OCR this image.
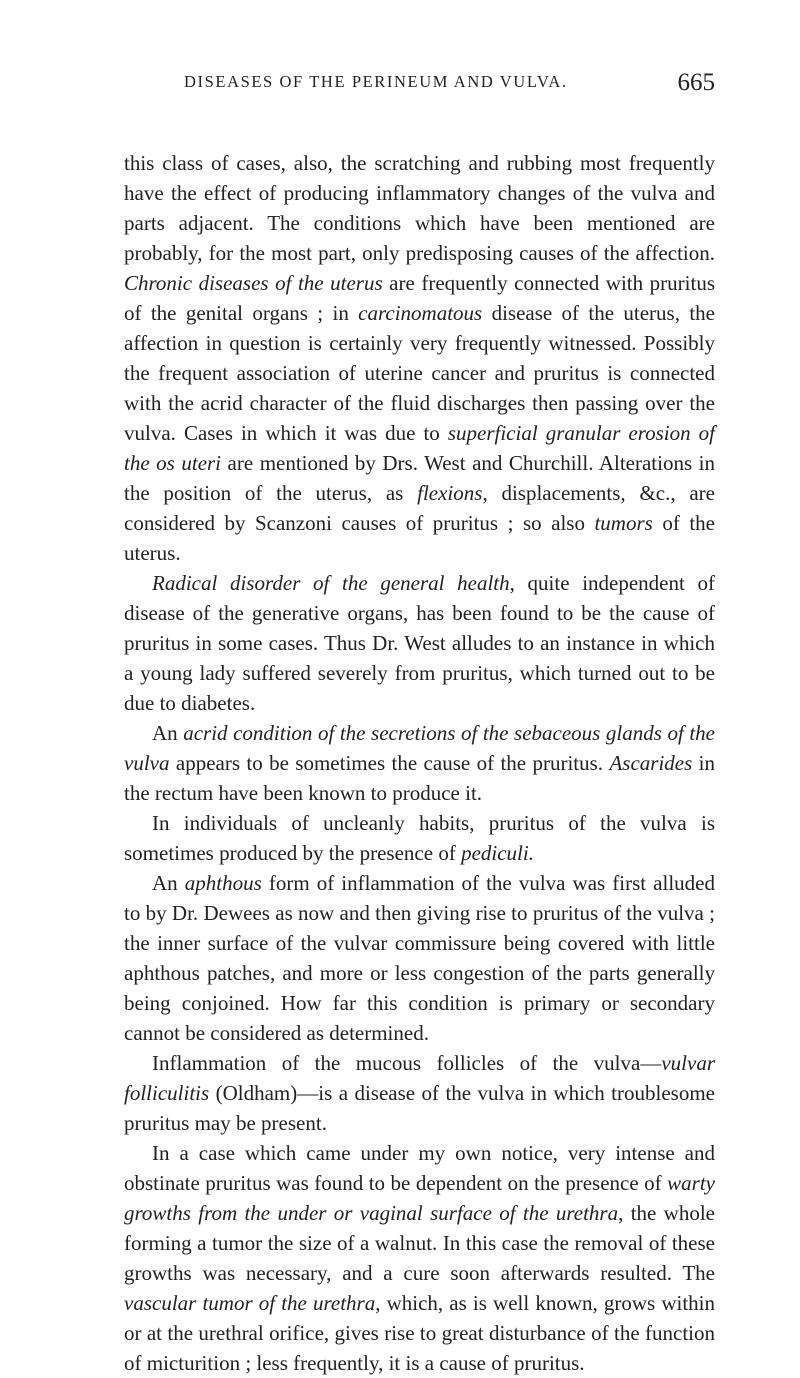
DISEASES OF THE PERINEUM AND VULVA.	665

this class of cases, also, the scratching and rubbing most frequently have the effect of producing inflammatory changes of the vulva and parts adjacent. The conditions which have been mentioned are probably, for the most part, only predisposing causes of the affection. Chronic diseases of the uterus are frequently connected with pruritus of the genital organs ; in carcinomatous disease of the uterus, the affection in question is certainly very frequently witnessed. Possibly the frequent association of uterine cancer and pruritus is connected with the acrid character of the fluid discharges then passing over the vulva. Cases in which it was due to superficial granular erosion of the os uteri are mentioned by Drs. West and Churchill. Alterations in the position of the uterus, as flexions, displacements, &c., are considered by Scanzoni causes of pruritus ; so also tumors of the uterus.

Radical disorder of the general health, quite independent of disease of the generative organs, has been found to be the cause of pruritus in some cases. Thus Dr. West alludes to an instance in which a young lady suffered severely from pruritus, which turned out to be due to diabetes.

An acrid condition of the secretions of the sebaceous glands of the vulva appears to be sometimes the cause of the pruritus. Ascarides in the rectum have been known to produce it.

In individuals of uncleanly habits, pruritus of the vulva is sometimes produced by the presence of pediculi.

An aphthous form of inflammation of the vulva was first alluded to by Dr. Dewees as now and then giving rise to pruritus of the vulva ; the inner surface of the vulvar commissure being covered with little aphthous patches, and more or less congestion of the parts generally being conjoined. How far this condition is primary or secondary cannot be considered as determined.

Inflammation of the mucous follicles of the vulva—vulvar folliculitis (Oldham)—is a disease of the vulva in which troublesome pruritus may be present.

In a case which came under my own notice, very intense and obstinate pruritus was found to be dependent on the presence of warty growths from the under or vaginal surface of the urethra, the whole forming a tumor the size of a walnut. In this case the removal of these growths was necessary, and a cure soon afterwards resulted. The vascular tumor of the urethra, which, as is well known, grows within or at the urethral orifice, gives rise to great disturbance of the function of micturition ; less frequently, it is a cause of pruritus.
